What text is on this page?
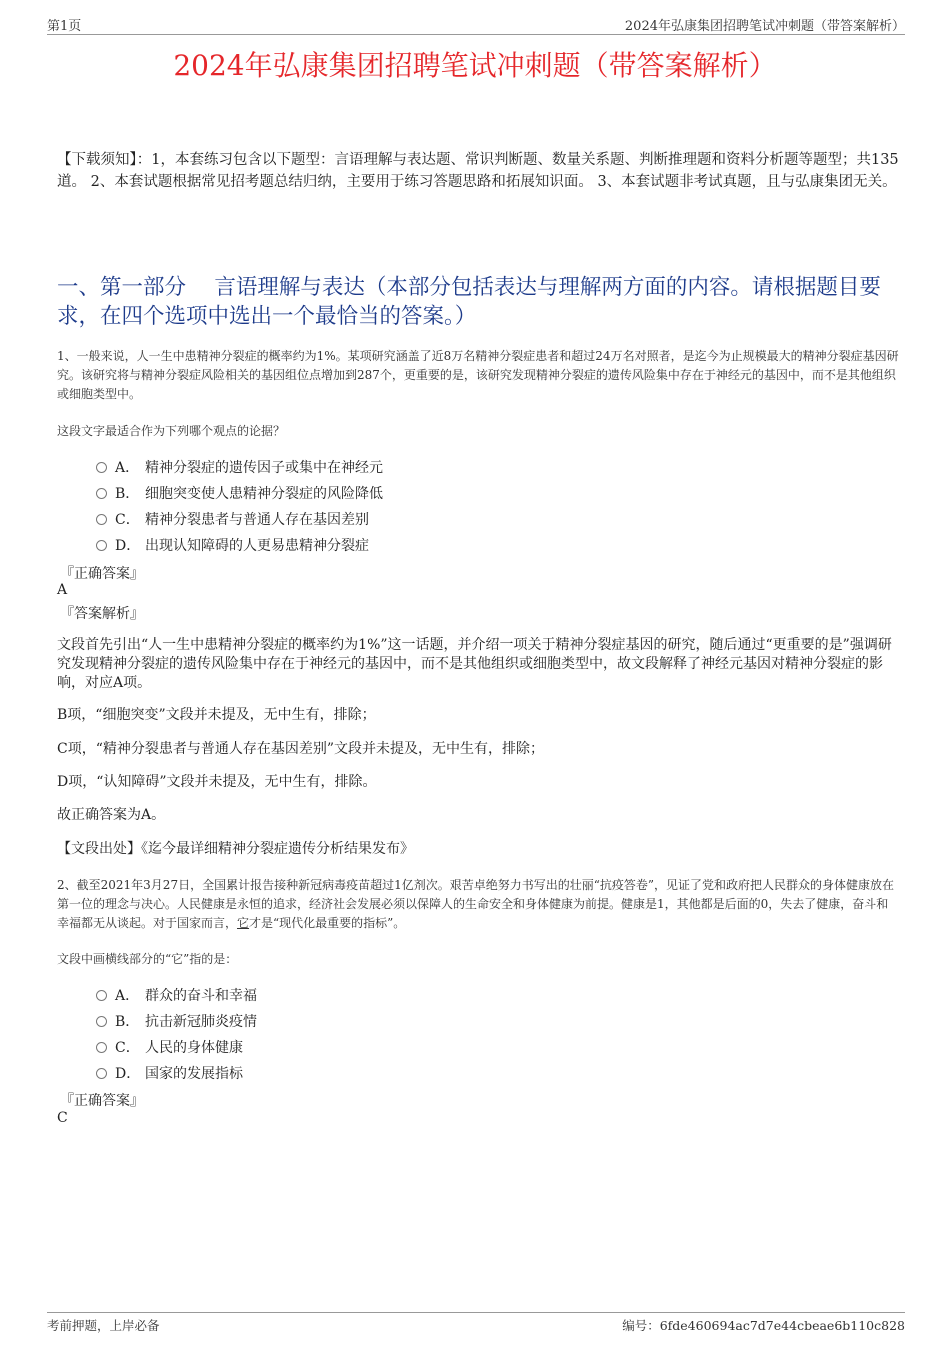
第1页	2024年弘康集团招聘笔试冲刺题（带答案解析）
2024年弘康集团招聘笔试冲刺题（带答案解析）
【下载须知】：1，本套练习包含以下题型：言语理解与表达题、常识判断题、数量关系题、判断推理题和资料分析题等题型；共135道。 2、本套试题根据常见招考题总结归纳，主要用于练习答题思路和拓展知识面。 3、本套试题非考试真题，且与弘康集团无关。
一、第一部分　 言语理解与表达（本部分包括表达与理解两方面的内容。请根据题目要求，在四个选项中选出一个最恰当的答案。）
1、一般来说，人一生中患精神分裂症的概率约为1%。某项研究涵盖了近8万名精神分裂症患者和超过24万名对照者，是迄今为止规模最大的精神分裂症基因研究。该研究将与精神分裂症风险相关的基因组位点增加到287个，更重要的是，该研究发现精神分裂症的遗传风险集中存在于神经元的基因中，而不是其他组织或细胞类型中。
这段文字最适合作为下列哪个观点的论据？
A． 精神分裂症的遗传因子或集中在神经元
B． 细胞突变使人患精神分裂症的风险降低
C． 精神分裂患者与普通人存在基因差别
D． 出现认知障碍的人更易患精神分裂症
『正确答案』
A
『答案解析』
文段首先引出“人一生中患精神分裂症的概率约为1%”这一话题，并介绍一项关于精神分裂症基因的研究，随后通过“更重要的是”强调研究发现精神分裂症的遗传风险集中存在于神经元的基因中，而不是其他组织或细胞类型中，故文段解释了神经元基因对精神分裂症的影响，对应A项。
B项，“细胞突变”文段并未提及，无中生有，排除；
C项，“精神分裂患者与普通人存在基因差别”文段并未提及，无中生有，排除；
D项，“认知障碍”文段并未提及，无中生有，排除。
故正确答案为A。
【文段出处】《迄今最详细精神分裂症遗传分析结果发布》
2、截至2021年3月27日，全国累计报告接种新冠病毒疫苗超过1亿剂次。艰苦卓绝努力书写出的壮丽“抗疫答卷”，见证了党和政府把人民群众的身体健康放在第一位的理念与决心。人民健康是永恒的追求，经济社会发展必须以保障人的生命安全和身体健康为前提。健康是1，其他都是后面的0，失去了健康，奋斗和幸福都无从谈起。对于国家而言，它才是“现代化最重要的指标”。
文段中画横线部分的“它”指的是：
A． 群众的奋斗和幸福
B． 抗击新冠肺炎疫情
C． 人民的身体健康
D． 国家的发展指标
『正确答案』
C
考前押题，上岸必备	编号：6fde460694ac7d7e44cbeae6b110c828
